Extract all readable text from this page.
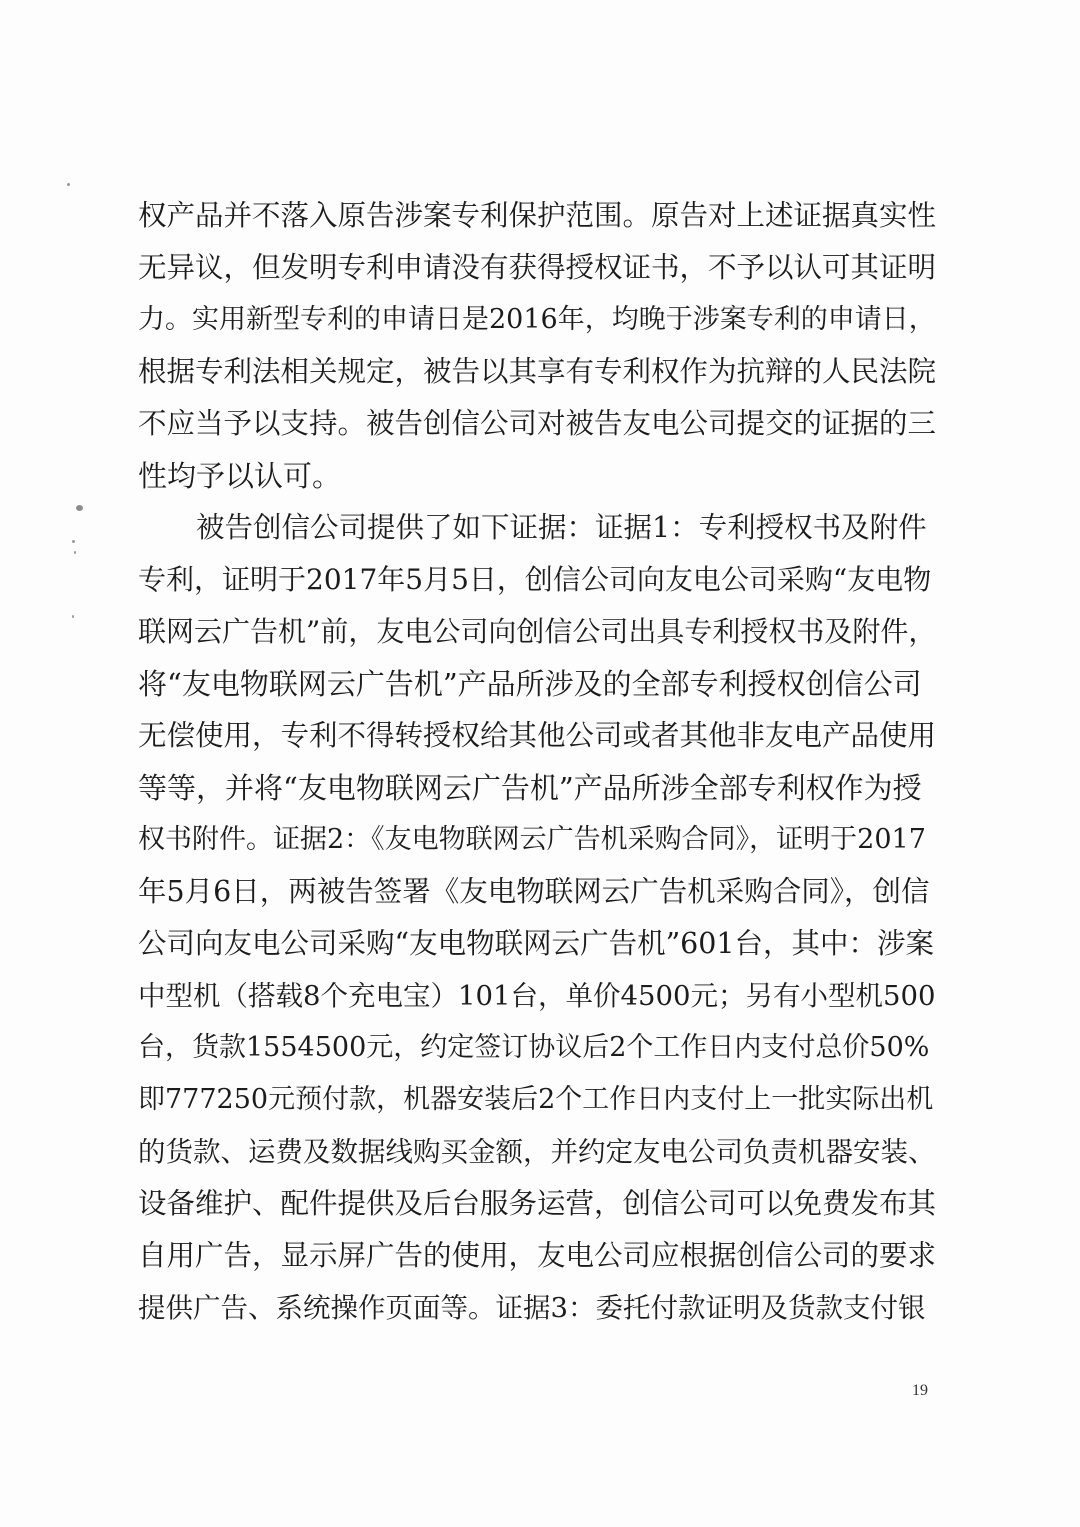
权产品并不落入原告涉案专利保护范围。原告对上述证据真实性
无异议，但发明专利申请没有获得授权证书，不予以认可其证明
力。实用新型专利的申请日是2016年，均晚于涉案专利的申请日，
根据专利法相关规定，被告以其享有专利权作为抗辩的人民法院
不应当予以支持。被告创信公司对被告友电公司提交的证据的三
性均予以认可。
被告创信公司提供了如下证据：证据1：专利授权书及附件
专利，证明于2017年5月5日，创信公司向友电公司采购“友电物
联网云广告机”前，友电公司向创信公司出具专利授权书及附件，
将“友电物联网云广告机”产品所涉及的全部专利授权创信公司
无偿使用，专利不得转授权给其他公司或者其他非友电产品使用
等等，并将“友电物联网云广告机”产品所涉全部专利权作为授
权书附件。证据2：《友电物联网云广告机采购合同》，证明于2017
年5月6日，两被告签署《友电物联网云广告机采购合同》，创信
公司向友电公司采购“友电物联网云广告机”601台，其中：涉案
中型机（搭载8个充电宝）101台，单价4500元；另有小型机500
台，货款1554500元，约定签订协议后2个工作日内支付总价50%
即777250元预付款，机器安装后2个工作日内支付上一批实际出机
的货款、运费及数据线购买金额，并约定友电公司负责机器安装、
设备维护、配件提供及后台服务运营，创信公司可以免费发布其
自用广告，显示屏广告的使用，友电公司应根据创信公司的要求
提供广告、系统操作页面等。证据3：委托付款证明及货款支付银
19
